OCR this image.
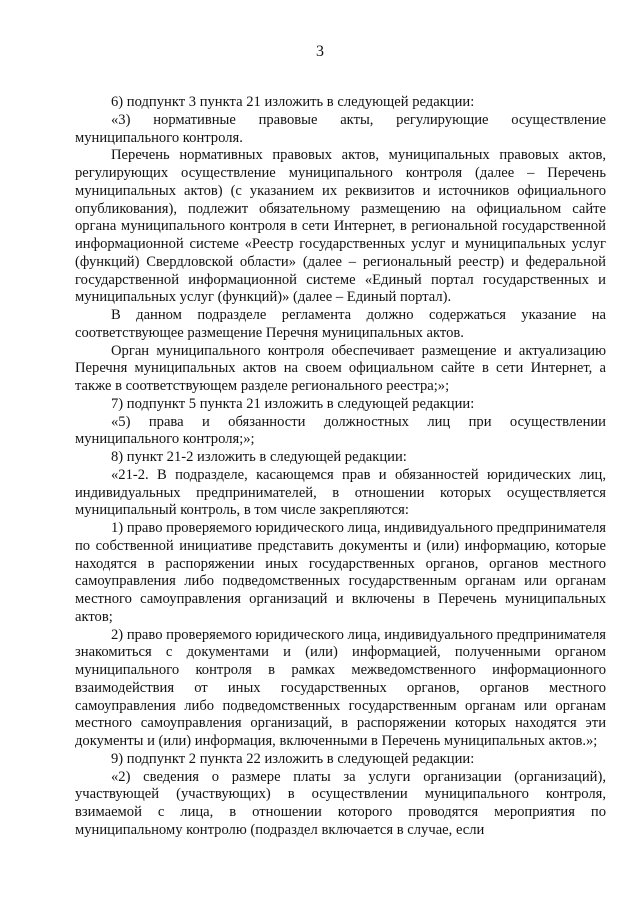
3

6) подпункт 3 пункта 21 изложить в следующей редакции:

«3) нормативные правовые акты, регулирующие осуществление муниципального контроля.

Перечень нормативных правовых актов, муниципальных правовых актов, регулирующих осуществление муниципального контроля (далее – Перечень муниципальных актов) (с указанием их реквизитов и источников официального опубликования), подлежит обязательному размещению на официальном сайте органа муниципального контроля в сети Интернет, в региональной государственной информационной системе «Реестр государственных услуг и муниципальных услуг (функций) Свердловской области» (далее – региональный реестр) и федеральной государственной информационной системе «Единый портал государственных и муниципальных услуг (функций)» (далее – Единый портал).

В данном подразделе регламента должно содержаться указание на соответствующее размещение Перечня муниципальных актов.

Орган муниципального контроля обеспечивает размещение и актуализацию Перечня муниципальных актов на своем официальном сайте в сети Интернет, а также в соответствующем разделе регионального реестра;»;

7) подпункт 5 пункта 21 изложить в следующей редакции:

«5) права и обязанности должностных лиц при осуществлении муниципального контроля;»;

8) пункт 21-2 изложить в следующей редакции:

«21-2. В подразделе, касающемся прав и обязанностей юридических лиц, индивидуальных предпринимателей, в отношении которых осуществляется муниципальный контроль, в том числе закрепляются:

1) право проверяемого юридического лица, индивидуального предпринимателя по собственной инициативе представить документы и (или) информацию, которые находятся в распоряжении иных государственных органов, органов местного самоуправления либо подведомственных государственным органам или органам местного самоуправления организаций и включены в Перечень муниципальных актов;

2) право проверяемого юридического лица, индивидуального предпринимателя знакомиться с документами и (или) информацией, полученными органом муниципального контроля в рамках межведомственного информационного взаимодействия от иных государственных органов, органов местного самоуправления либо подведомственных государственным органам или органам местного самоуправления организаций, в распоряжении которых находятся эти документы и (или) информация, включенными в Перечень муниципальных актов.»;

9) подпункт 2 пункта 22 изложить в следующей редакции:

«2) сведения о размере платы за услуги организации (организаций), участвующей (участвующих) в осуществлении муниципального контроля, взимаемой с лица, в отношении которого проводятся мероприятия по муниципальному контролю (подраздел включается в случае, если
